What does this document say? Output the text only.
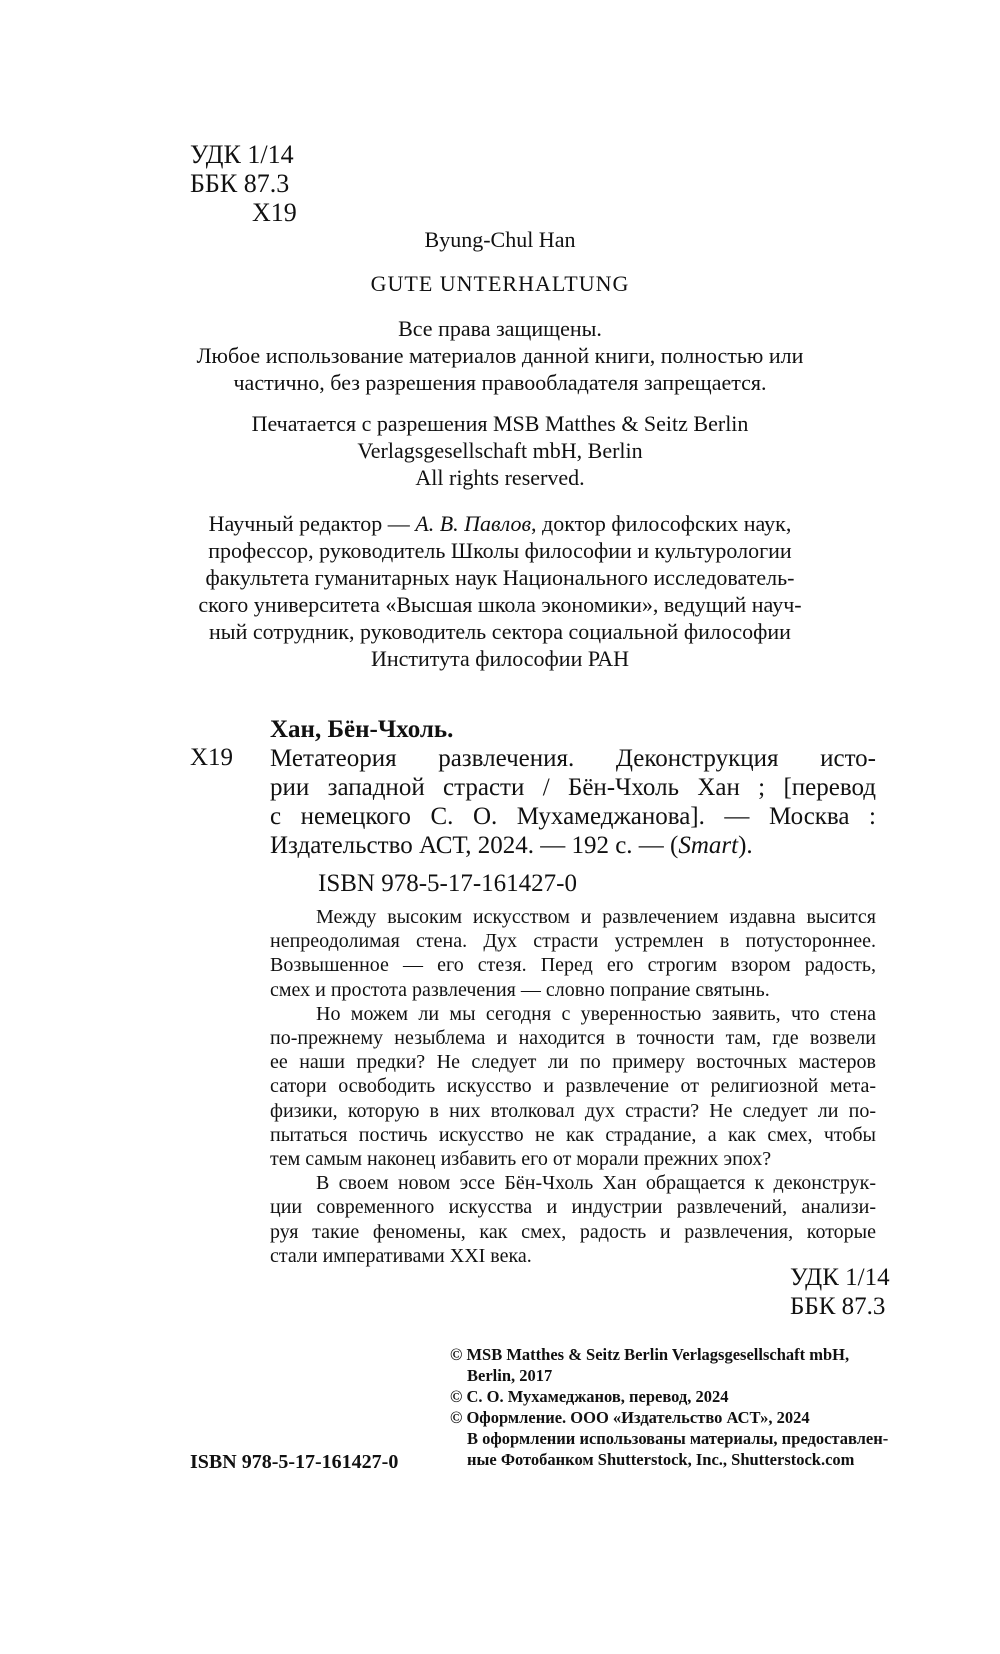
УДК 1/14
ББК 87.3
Х19
Byung-Chul Han
GUTE UNTERHALTUNG
Все права защищены.
Любое использование материалов данной книги, полностью или
частично, без разрешения правообладателя запрещается.
Печатается с разрешения MSB Matthes & Seitz Berlin
Verlagsgesellschaft mbH, Berlin
All rights reserved.
Научный редактор — А. В. Павлов, доктор философских наук,
профессор, руководитель Школы философии и культурологии
факультета гуманитарных наук Национального исследователь-
ского университета «Высшая школа экономики», ведущий науч-
ный сотрудник, руководитель сектора социальной философии
Института философии РАН
Хан, Бён-Чхоль.
Х19 Метатеория развлечения. Деконструкция исто-
рии западной страсти / Бён-Чхоль Хан ; [перевод
с немецкого С. О. Мухамеджанова]. — Москва :
Издательство АСТ, 2024. — 192 с. — (Smart).
ISBN 978-5-17-161427-0
Между высоким искусством и развлечением издавна высится
непреодолимая стена. Дух страсти устремлен в потустороннее.
Возвышенное — его стезя. Перед его строгим взором радость,
смех и простота развлечения — словно попрание святынь.
Но можем ли мы сегодня с уверенностью заявить, что стена
по-прежнему незыблема и находится в точности там, где возвели
ее наши предки? Не следует ли по примеру восточных мастеров
сатори освободить искусство и развлечение от религиозной мета-
физики, которую в них втолковал дух страсти? Не следует ли по-
пытаться постичь искусство не как страдание, а как смех, чтобы
тем самым наконец избавить его от морали прежних эпох?
В своем новом эссе Бён-Чхоль Хан обращается к деконструк-
ции современного искусства и индустрии развлечений, анализи-
руя такие феномены, как смех, радость и развлечения, которые
стали императивами XXI века.
УДК 1/14
ББК 87.3
© MSB Matthes & Seitz Berlin Verlagsgesellschaft mbH,
Berlin, 2017
© С. О. Мухамеджанов, перевод, 2024
© Оформление. ООО «Издательство АСТ», 2024
В оформлении использованы материалы, предоставлен-
ные Фотобанком Shutterstock, Inc., Shutterstock.com
ISBN 978-5-17-161427-0
